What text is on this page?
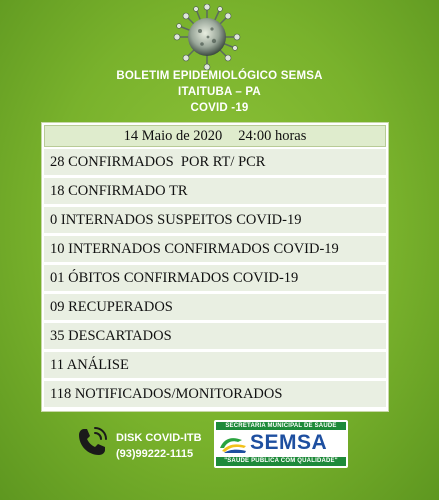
BOLETIM EPIDEMIOLÓGICO SEMSA
ITAITUBA – PA
COVID -19
14 Maio de 2020 24:00 horas
28 CONFIRMADOS  POR RT/ PCR
18 CONFIRMADO TR
0 INTERNADOS SUSPEITOS COVID-19
10 INTERNADOS CONFIRMADOS COVID-19
01 ÓBITOS CONFIRMADOS COVID-19
09 RECUPERADOS
35 DESCARTADOS
11 ANÁLISE
118 NOTIFICADOS/MONITORADOS
DISK COVID-ITB
(93)99222-1115
SECRETARIA MUNICIPAL DE SAÚDE
SEMSA
"SAÚDE PÚBLICA COM QUALIDADE"
